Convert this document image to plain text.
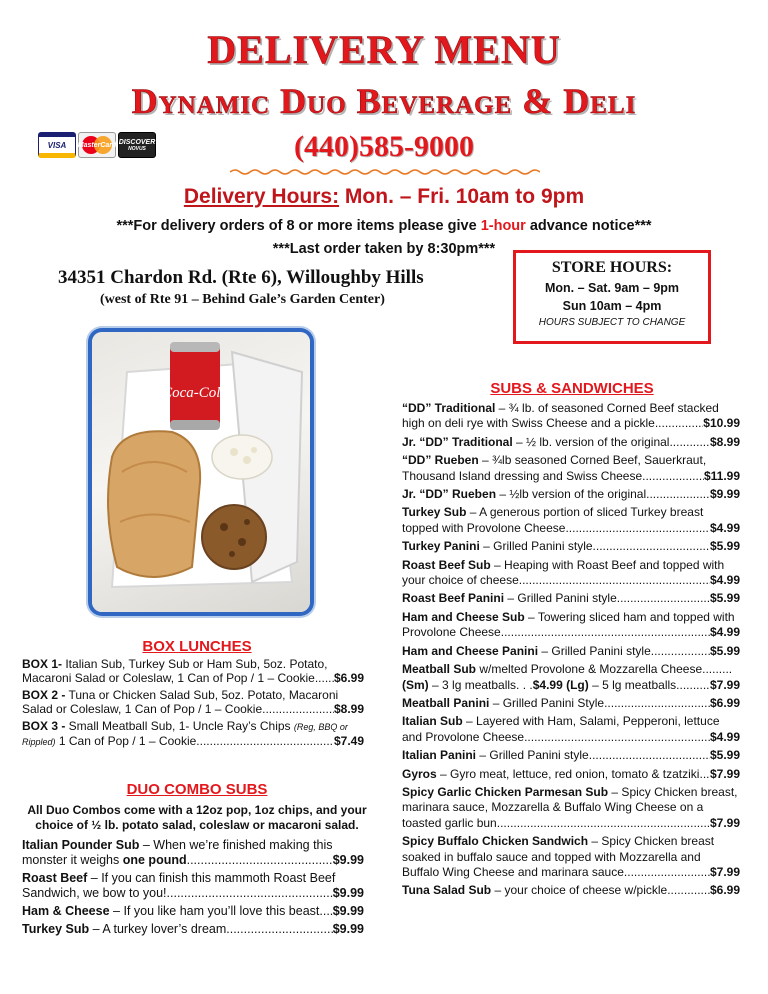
DELIVERY MENU
Dynamic Duo Beverage & Deli
(440)585-9000
VISA MasterCard DISCOVER
NOVUS
Delivery Hours: Mon. – Fri. 10am to 9pm
***For delivery orders of 8 or more items please give 1-hour advance notice***
***Last order taken by 8:30pm***
34351 Chardon Rd. (Rte 6), Willoughby Hills
(west of Rte 91 – Behind Gale’s Garden Center)
STORE HOURS:
Mon. – Sat. 9am – 9pm
Sun 10am – 4pm
HOURS SUBJECT TO CHANGE
Coca-Cola
BOX LUNCHES
BOX 1- Italian Sub, Turkey Sub or Ham Sub, 5oz. Potato,
Macaroni Salad or Coleslaw, 1 Can of Pop / 1 – Cookie ..... $6.99
BOX 2 - Tuna or Chicken Salad Sub, 5oz. Potato, Macaroni
Salad or Coleslaw, 1 Can of Pop / 1 – Cookie .....	$8.99
BOX 3 - Small Meatball Sub, 1- Uncle Ray’s Chips (Reg, BBQ or
Rippled) 1 Can of Pop / 1 – Cookie .....	$7.49
DUO COMBO SUBS
All Duo Combos come with a 12oz pop, 1oz chips, and your
choice of ½ lb. potato salad, coleslaw or macaroni salad.
Italian Pounder Sub – When we’re finished making this
monster it weighs one pound .....	$9.99
Roast Beef – If you can finish this mammoth Roast Beef
Sandwich, we bow to you! .....	$9.99
Ham & Cheese – If you like ham you’ll love this beast ..... $9.99
Turkey Sub – A turkey lover’s dream .....	$9.99
SUBS & SANDWICHES
“DD” Traditional – ¾ lb. of seasoned Corned Beef stacked
high on deli rye with Swiss Cheese and a pickle .....	$10.99
Jr. “DD” Traditional – ½ lb. version of the original .....	$8.99
“DD” Rueben – ¾lb seasoned Corned Beef, Sauerkraut,
Thousand Island dressing and Swiss Cheese .....	$11.99
Jr. “DD” Rueben – ½lb version of the original .....	$9.99
Turkey Sub – A generous portion of sliced Turkey breast
topped with Provolone Cheese .....	$4.99
Turkey Panini – Grilled Panini style .....	$5.99
Roast Beef Sub – Heaping with Roast Beef and topped with
your choice of cheese .....	$4.99
Roast Beef Panini – Grilled Panini style .....	$5.99
Ham and Cheese Sub – Towering sliced ham and topped with
Provolone Cheese .....	$4.99
Ham and Cheese Panini – Grilled Panini style .....	$5.99
Meatball Sub w/melted Provolone & Mozzarella Cheese.........
(Sm) – 3 lg meatballs. . .$4.99 (Lg) – 5 lg meatballs .....	$7.99
Meatball Panini – Grilled Panini Style .....	$6.99
Italian Sub – Layered with Ham, Salami, Pepperoni, lettuce
and Provolone Cheese .....	$4.99
Italian Panini – Grilled Panini style .....	$5.99
Gyros – Gyro meat, lettuce, red onion, tomato & tzatziki ..... $7.99
Spicy Garlic Chicken Parmesan Sub – Spicy Chicken breast,
marinara sauce, Mozzarella & Buffalo Wing Cheese on a
toasted garlic bun .....	$7.99
Spicy Buffalo Chicken Sandwich – Spicy Chicken breast
soaked in buffalo sauce and topped with Mozzarella and
Buffalo Wing Cheese and marinara sauce .....	$7.99
Tuna Salad Sub – your choice of cheese w/pickle .....	$6.99
